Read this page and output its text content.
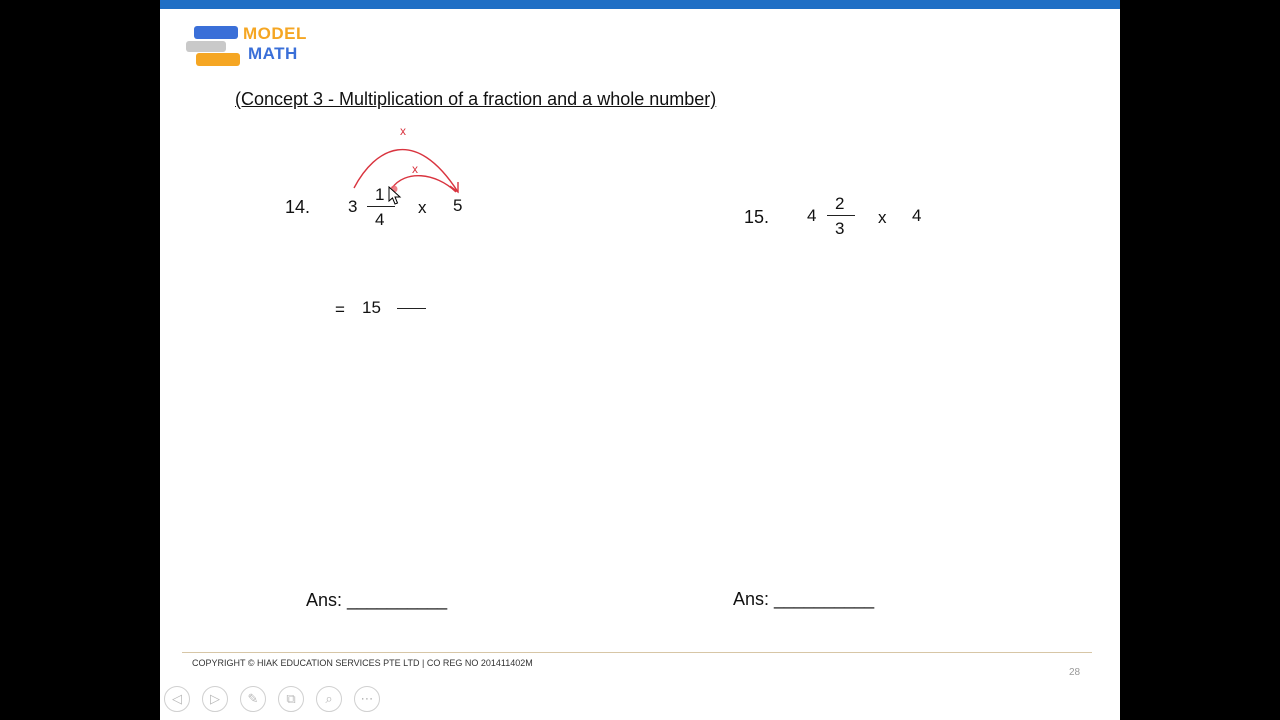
MODEL
MATH
(Concept 3 - Multiplication of a fraction and a whole number)
14. 3
1
4
x 5
x
x
= 15
15. 4
2
3
x 4
Ans: __________	Ans: __________
COPYRIGHT © HIAK EDUCATION SERVICES PTE LTD | CO REG NO 201411402M
28
◁	▷	✎	⧉	⌕	⋯
